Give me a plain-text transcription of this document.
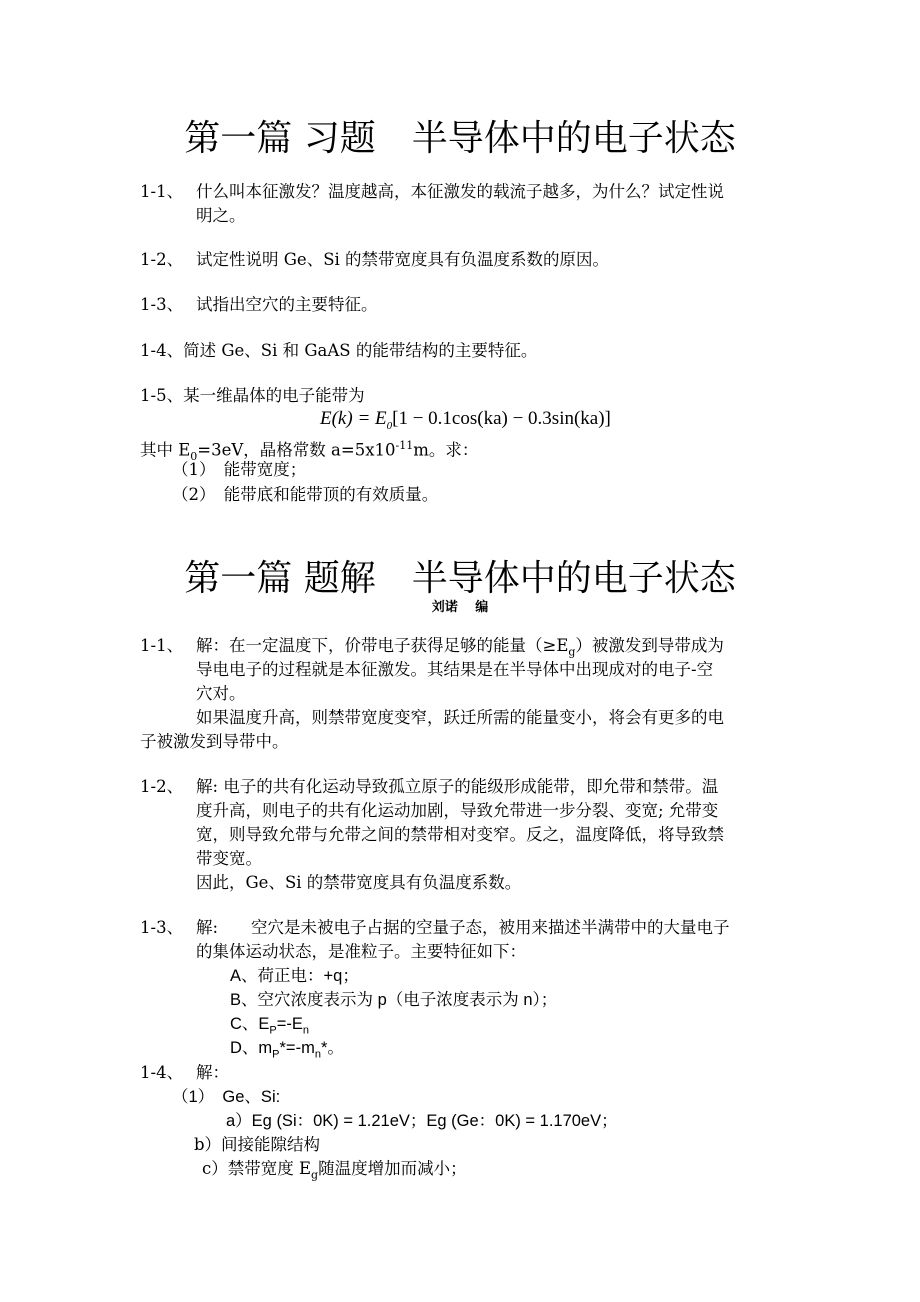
第一篇 习题　半导体中的电子状态
1-1、 什么叫本征激发？温度越高，本征激发的载流子越多，为什么？试定性说
明之。
1-2、 试定性说明 Ge、Si 的禁带宽度具有负温度系数的原因。
1-3、 试指出空穴的主要特征。
1-4、简述 Ge、Si 和 GaAS 的能带结构的主要特征。
1-5、某一维晶体的电子能带为
$E(k) = E_0[1 - 0.1\cos(ka) - 0.3\sin(ka)]$
其中 $E_0=3eV$，晶格常数 $a=5x10^{-11}m$。求：
（1）　能带宽度；
（2）　能带底和能带顶的有效质量。
第一篇 题解　半导体中的电子状态
刘诺　 编
1-1、 解：在一定温度下，价带电子获得足够的能量$(\ge E_g)$被激发到导带成为
导电电子的过程就是本征激发。其结果是在半导体中出现成对的电子-空
穴对。
如果温度升高，则禁带宽度变窄，跃迁所需的能量变小，将会有更多的电
子被激发到导带中。
1-2、 解: 电子的共有化运动导致孤立原子的能级形成能带，即允带和禁带。温
度升高，则电子的共有化运动加剧，导致允带进一步分裂、变宽; 允带变
宽，则导致允带与允带之间的禁带相对变窄。反之，温度降低，将导致禁
带变宽。
因此，Ge、Si 的禁带宽度具有负温度系数。
1-3、 解:　　空穴是未被电子占据的空量子态，被用来描述半满带中的大量电子
的集体运动状态，是准粒子。主要特征如下：
A、荷正电：+q；
B、空穴浓度表示为 p（电子浓度表示为 n）；
C、$E_P=-E_n$
D、$m_P*=-m_n*$。
1-4、 解：
（1）　Ge、Si:
a）Eg (Si：0K) = 1.21eV；Eg (Ge：0K) = 1.170eV；
b）间接能隙结构
c）禁带宽度 $E_g$随温度增加而减小；
